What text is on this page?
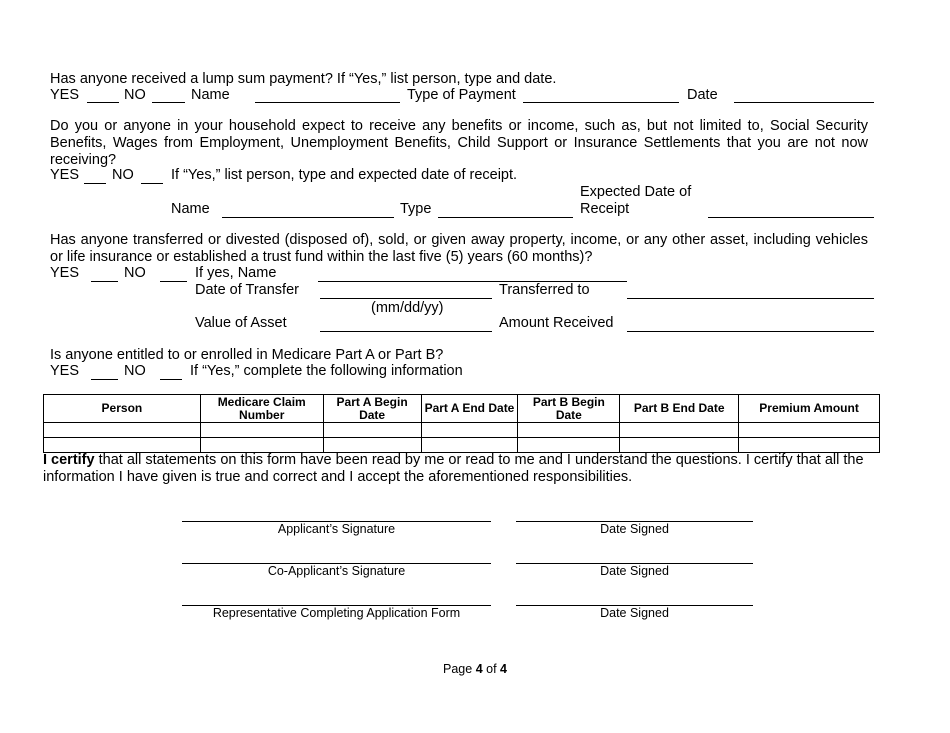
Has anyone received a lump sum payment? If “Yes,” list person, type and date.
YES	NO	Name	Type of Payment	Date
Do you or anyone in your household expect to receive any benefits or income, such as, but not limited to, Social Security Benefits, Wages from Employment, Unemployment Benefits, Child Support or Insurance Settlements that you are not now receiving?
YES NO	If “Yes,” list person, type and expected date of receipt.
Expected Date of
Name	Type	Receipt
Has anyone transferred or divested (disposed of), sold, or given away property, income, or any other asset, including vehicles or life insurance or established a trust fund within the last five (5) years (60 months)?
YES	NO	If yes, Name
Date of Transfer	Transferred to
(mm/dd/yy)
Value of Asset	Amount Received
Is anyone entitled to or enrolled in Medicare Part A or Part B?
YES	NO	If “Yes,” complete the following information
Person	Medicare Claim Number	Part A Begin Date	Part A End Date	Part B Begin Date	Part B End Date	Premium Amount

I certify that all statements on this form have been read by me or read to me and I understand the questions. I certify that all the information I have given is true and correct and I accept the aforementioned responsibilities.
Applicant’s Signature	Date Signed
Co-Applicant’s Signature	Date Signed
Representative Completing Application Form	Date Signed
Page 4 of 4
